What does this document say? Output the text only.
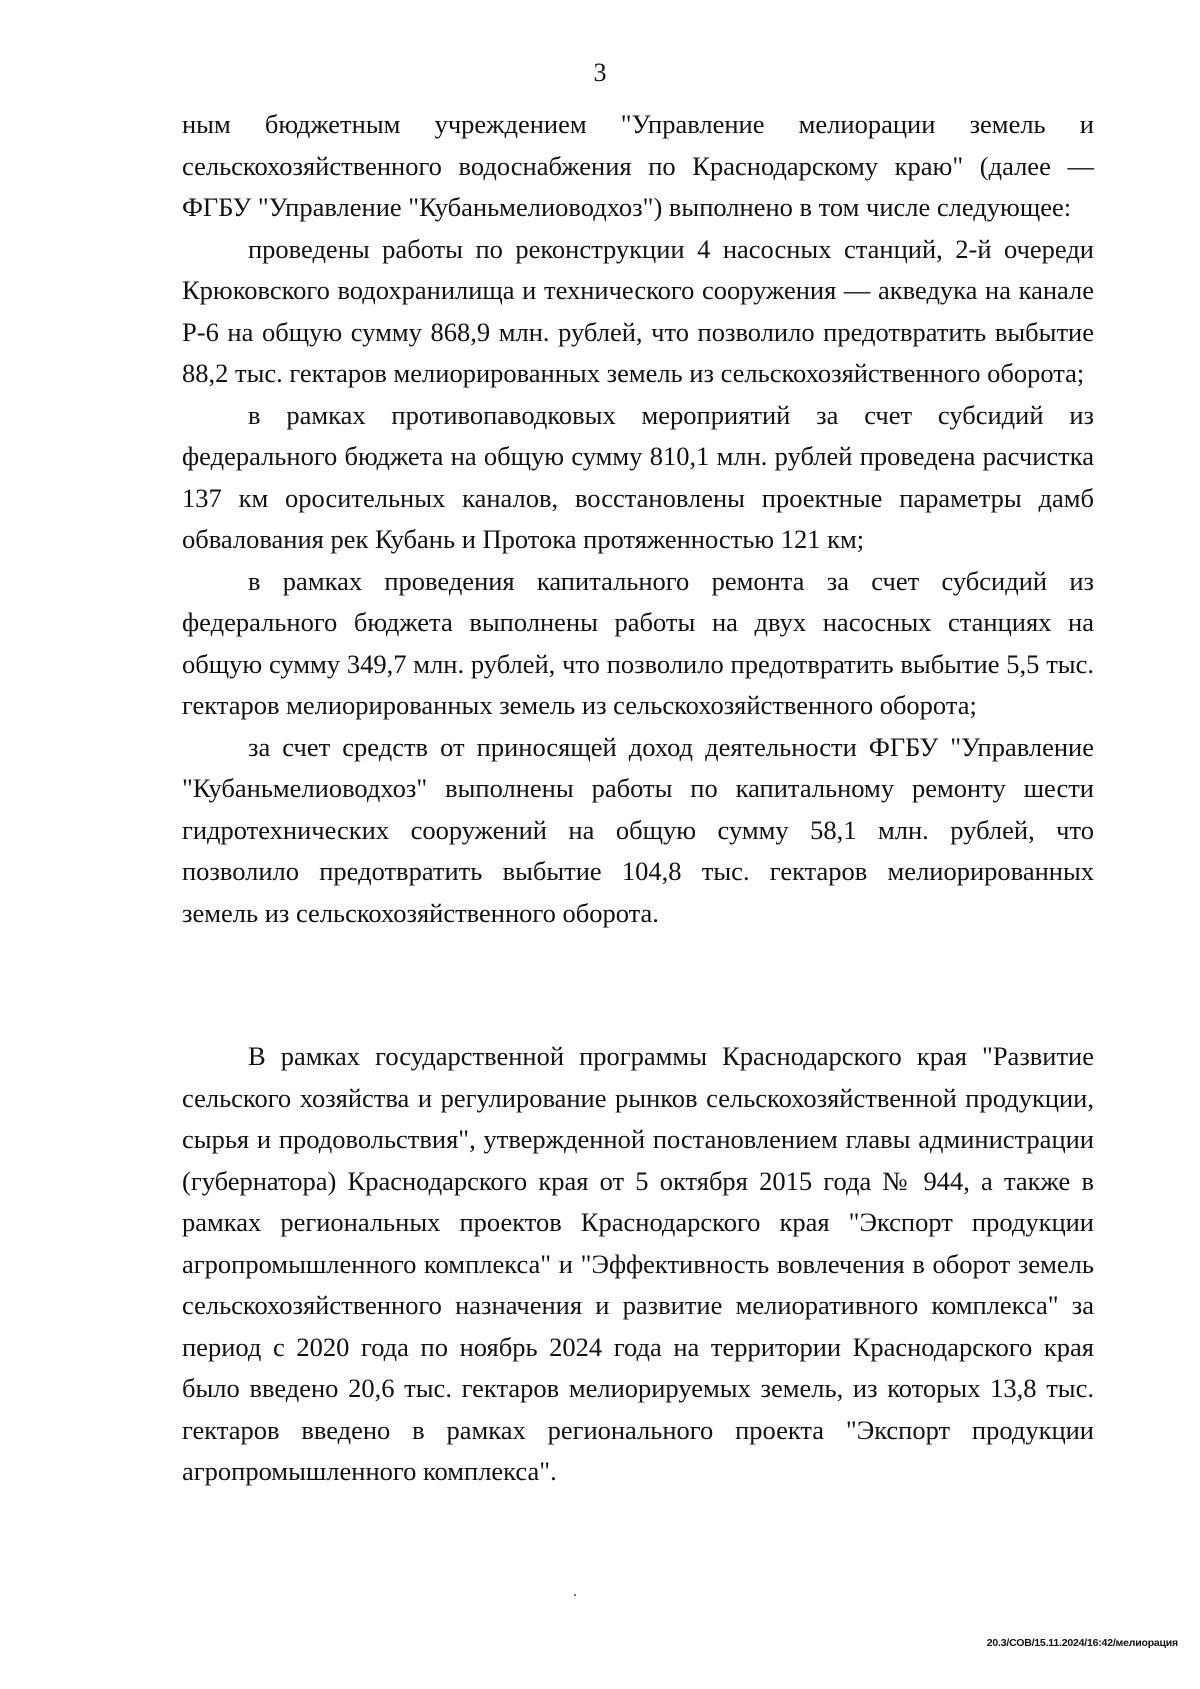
3

ным бюджетным учреждением "Управление мелиорации земель и сельскохозяйственного водоснабжения по Краснодарскому краю" (далее — ФГБУ "Управление "Кубаньмелиоводхоз") выполнено в том числе следующее:

проведены работы по реконструкции 4 насосных станций, 2-й очереди Крюковского водохранилища и технического сооружения — акведука на канале Р-6 на общую сумму 868,9 млн. рублей, что позволило предотвратить выбытие 88,2 тыс. гектаров мелиорированных земель из сельскохозяйственного оборота;

в рамках противопаводковых мероприятий за счет субсидий из федерального бюджета на общую сумму 810,1 млн. рублей проведена расчистка 137 км оросительных каналов, восстановлены проектные параметры дамб обвалования рек Кубань и Протока протяженностью 121 км;

в рамках проведения капитального ремонта за счет субсидий из федерального бюджета выполнены работы на двух насосных станциях на общую сумму 349,7 млн. рублей, что позволило предотвратить выбытие 5,5 тыс. гектаров мелиорированных земель из сельскохозяйственного оборота;

за счет средств от приносящей доход деятельности ФГБУ "Управление "Кубаньмелиоводхоз" выполнены работы по капитальному ремонту шести гидротехнических сооружений на общую сумму 58,1 млн. рублей, что позволило предотвратить выбытие 104,8 тыс. гектаров мелиорированных земель из сельскохозяйственного оборота.

В рамках государственной программы Краснодарского края "Развитие сельского хозяйства и регулирование рынков сельскохозяйственной продукции, сырья и продовольствия", утвержденной постановлением главы администрации (губернатора) Краснодарского края от 5 октября 2015 года № 944, а также в рамках региональных проектов Краснодарского края "Экспорт продукции агропромышленного комплекса" и "Эффективность вовлечения в оборот земель сельскохозяйственного назначения и развитие мелиоративного комплекса" за период с 2020 года по ноябрь 2024 года на территории Краснодарского края было введено 20,6 тыс. гектаров мелиорируемых земель, из которых 13,8 тыс. гектаров введено в рамках регионального проекта "Экспорт продукции агропромышленного комплекса".

20.3/СОВ/15.11.2024/16:42/мелиорация
